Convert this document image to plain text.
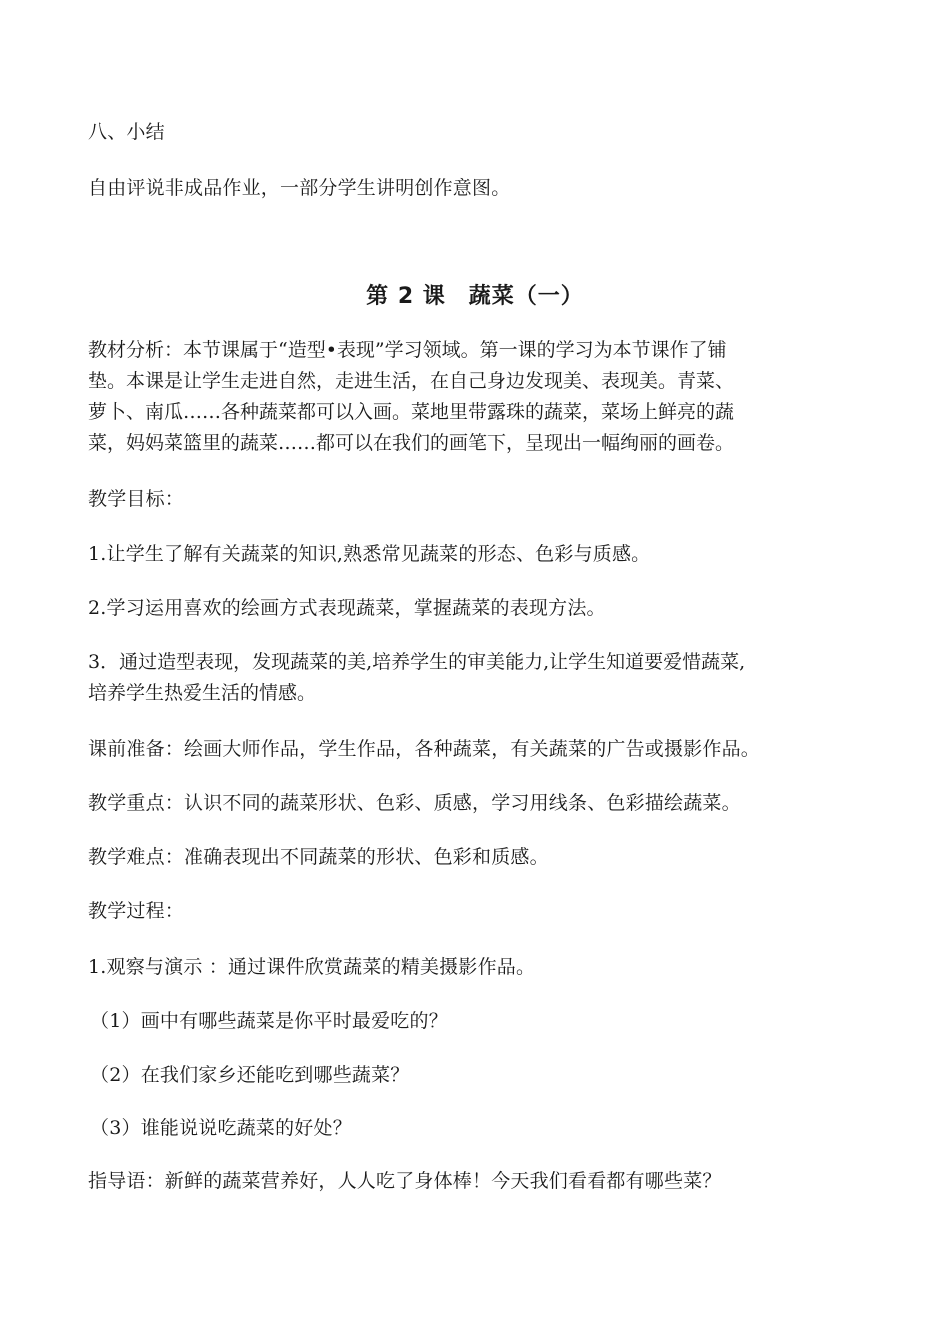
八、小结
自由评说非成品作业，一部分学生讲明创作意图。
第 2 课　蔬菜（一）
教材分析：本节课属于“造型•表现”学习领域。第一课的学习为本节课作了铺
垫。本课是让学生走进自然，走进生活，在自己身边发现美、表现美。青菜、
萝卜、南瓜……各种蔬菜都可以入画。菜地里带露珠的蔬菜，菜场上鲜亮的蔬
菜，妈妈菜篮里的蔬菜……都可以在我们的画笔下，呈现出一幅绚丽的画卷。
教学目标：
1.让学生了解有关蔬菜的知识,熟悉常见蔬菜的形态、色彩与质感。
2.学习运用喜欢的绘画方式表现蔬菜，掌握蔬菜的表现方法。
3．通过造型表现，发现蔬菜的美,培养学生的审美能力,让学生知道要爱惜蔬菜,
培养学生热爱生活的情感。
课前准备：绘画大师作品，学生作品，各种蔬菜，有关蔬菜的广告或摄影作品。
教学重点：认识不同的蔬菜形状、色彩、质感，学习用线条、色彩描绘蔬菜。
教学难点：准确表现出不同蔬菜的形状、色彩和质感。
教学过程：
1.观察与演示 ：通过课件欣赏蔬菜的精美摄影作品。
（1）画中有哪些蔬菜是你平时最爱吃的？
（2）在我们家乡还能吃到哪些蔬菜？
（3）谁能说说吃蔬菜的好处？
指导语：新鲜的蔬菜营养好，人人吃了身体棒！今天我们看看都有哪些菜？
